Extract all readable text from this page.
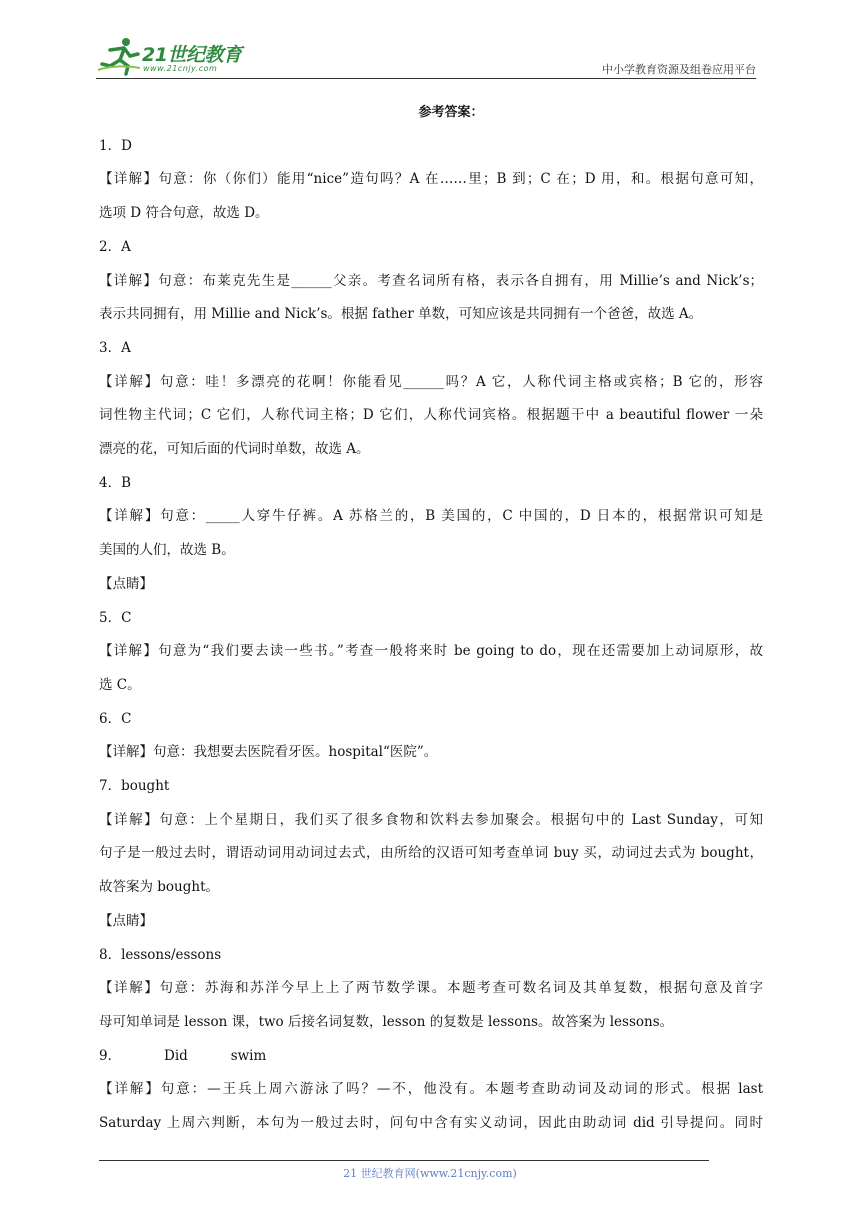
21世纪教育
www.21cnjy.com	中小学教育资源及组卷应用平台
参考答案：
1．D
【详解】句意：你（你们）能用“nice”造句吗？A 在……里；B 到；C 在；D 用，和。根据句意可知，
选项 D 符合句意，故选 D。
2．A
【详解】句意：布莱克先生是______父亲。考查名词所有格，表示各自拥有，用 Millie’s and Nick’s；
表示共同拥有，用 Millie and Nick’s。根据 father 单数，可知应该是共同拥有一个爸爸，故选 A。
3．A
【详解】句意：哇！多漂亮的花啊！你能看见______吗？A 它，人称代词主格或宾格；B 它的，形容
词性物主代词；C 它们，人称代词主格；D 它们，人称代词宾格。根据题干中 a beautiful flower 一朵
漂亮的花，可知后面的代词时单数，故选 A。
4．B
【详解】句意：_____人穿牛仔裤。A 苏格兰的，B 美国的，C 中国的，D 日本的，根据常识可知是
美国的人们，故选 B。
【点睛】
5．C
【详解】句意为“我们要去读一些书。”考查一般将来时 be going to do，现在还需要加上动词原形，故
选 C。
6．C
【详解】句意：我想要去医院看牙医。hospital“医院”。
7．bought
【详解】句意：上个星期日，我们买了很多食物和饮料去参加聚会。根据句中的 Last Sunday，可知
句子是一般过去时，谓语动词用动词过去式，由所给的汉语可知考查单词 buy 买，动词过去式为 bought，
故答案为 bought。
【点睛】
8．lessons/essons
【详解】句意：苏海和苏洋今早上上了两节数学课。本题考查可数名词及其单复数，根据句意及首字
母可知单词是 lesson 课，two 后接名词复数，lesson 的复数是 lessons。故答案为 lessons。
9．          Did          swim
【详解】句意：—王兵上周六游泳了吗？—不，他没有。本题考查助动词及动词的形式。根据 last
Saturday 上周六判断，本句为一般过去时，问句中含有实义动词，因此由助动词 did 引导提问。同时
21 世纪教育网(www.21cnjy.com)
